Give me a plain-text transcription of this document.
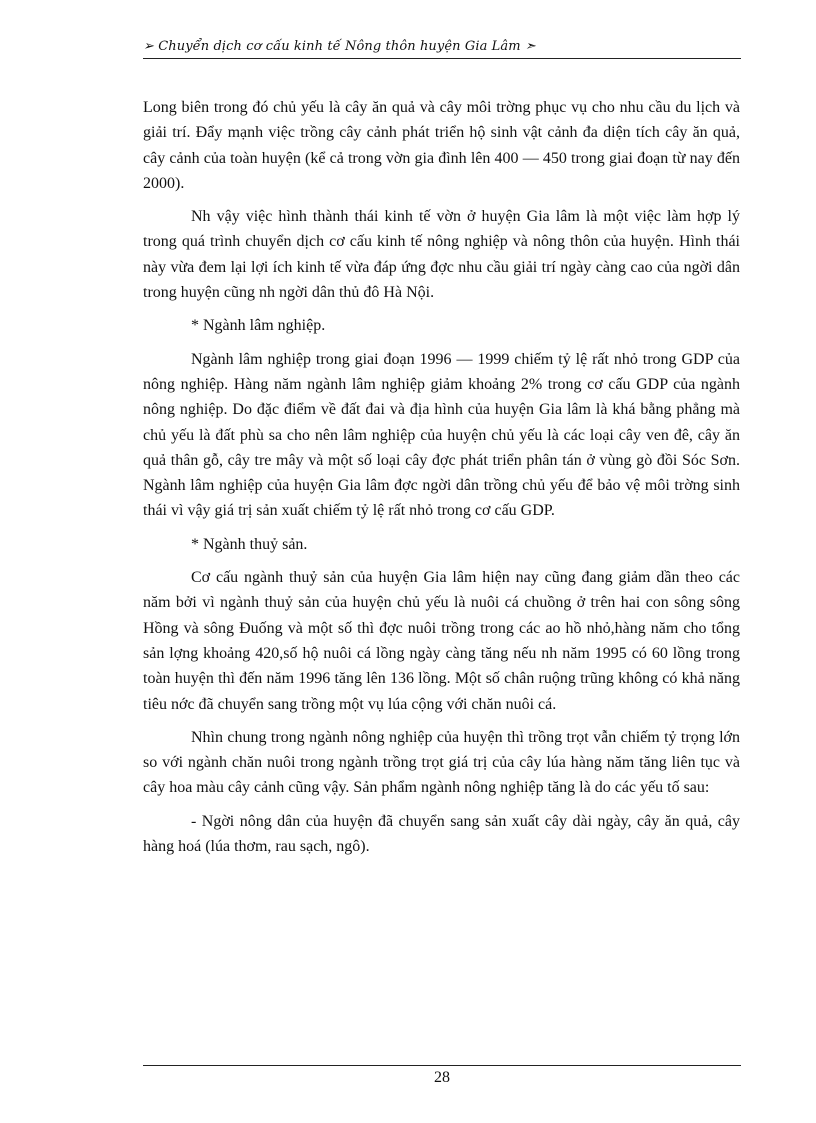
➢ Chuyển dịch cơ cấu kinh tế Nông thôn huyện Gia Lâm ➣

Long biên trong đó chủ yếu là cây ăn quả và cây môi trờng phục vụ cho nhu cầu du lịch và giải trí. Đẩy mạnh việc trồng cây cảnh phát triển hộ sinh vật cảnh đa diện tích cây ăn quả, cây cảnh của toàn huyện (kể cả trong vờn gia đình lên 400 — 450 trong giai đoạn từ nay đến 2000).

Nh vậy việc hình thành thái kinh tế vờn ở huyện Gia lâm là một việc làm hợp lý trong quá trình chuyển dịch cơ cấu kinh tế nông nghiệp và nông thôn của huyện. Hình thái này vừa đem lại lợi ích kinh tế vừa đáp ứng đợc nhu cầu giải trí ngày càng cao của ngời dân trong huyện cũng nh ngời dân thủ đô Hà Nội.

* Ngành lâm nghiệp.

Ngành lâm nghiệp trong giai đoạn 1996 — 1999 chiếm tỷ lệ rất nhỏ trong GDP của nông nghiệp. Hàng năm ngành lâm nghiệp giảm khoảng 2% trong cơ cấu GDP của ngành nông nghiệp. Do đặc điểm về đất đai và địa hình của huyện Gia lâm là khá bằng phẳng mà chủ yếu là đất phù sa cho nên lâm nghiệp của huyện chủ yếu là các loại cây ven đê, cây ăn quả thân gỗ, cây tre mây và một số loại cây đợc phát triển phân tán ở vùng gò đồi Sóc Sơn. Ngành lâm nghiệp của huyện Gia lâm đợc ngời dân trồng chủ yếu để bảo vệ môi trờng sinh thái vì vậy giá trị sản xuất chiếm tỷ lệ rất nhỏ trong cơ cấu GDP.

* Ngành thuỷ sản.

Cơ cấu ngành thuỷ sản của huyện Gia lâm hiện nay cũng đang giảm dần theo các năm bởi vì ngành thuỷ sản của huyện chủ yếu là nuôi cá chuồng ở trên hai con sông sông Hồng và sông Đuống và một số thì đợc nuôi trồng trong các ao hồ nhỏ,hàng năm cho tổng sản lợng khoảng 420,số hộ nuôi cá lồng ngày càng tăng nếu nh năm 1995 có 60 lồng trong toàn huyện thì đến năm 1996 tăng lên 136 lồng. Một số chân ruộng trũng không có khả năng tiêu nớc đã chuyển sang trồng một vụ lúa cộng với chăn nuôi cá.

Nhìn chung trong ngành nông nghiệp của huyện thì trồng trọt vẫn chiếm tỷ trọng lớn so với ngành chăn nuôi trong ngành trồng trọt giá trị của cây lúa hàng năm tăng liên tục và cây hoa màu cây cảnh cũng vậy. Sản phẩm ngành nông nghiệp tăng là do các yếu tố sau:

- Ngời nông dân của huyện đã chuyển sang sản xuất cây dài ngày, cây ăn quả, cây hàng hoá (lúa thơm, rau sạch, ngô).

28
